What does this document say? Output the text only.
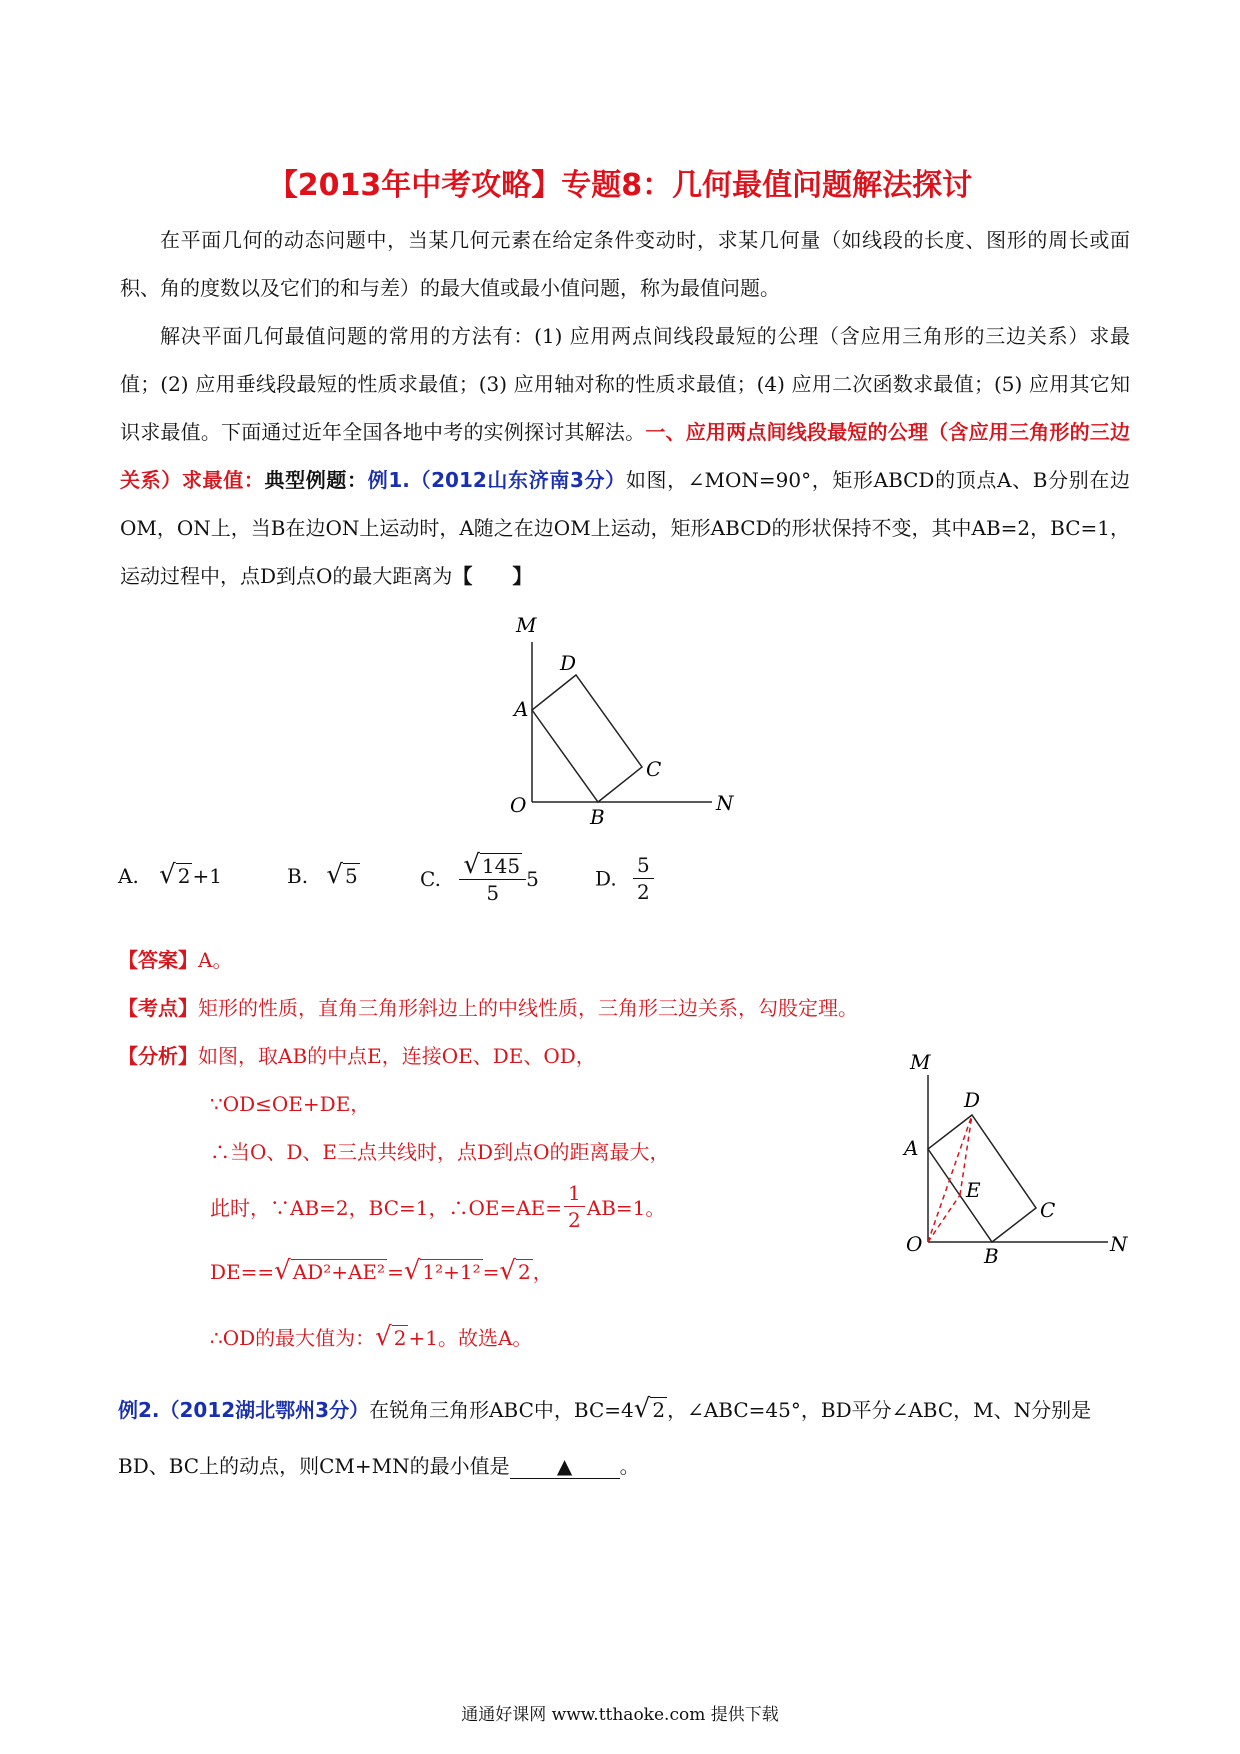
【2013年中考攻略】专题8：几何最值问题解法探讨
在平面几何的动态问题中，当某几何元素在给定条件变动时，求某几何量（如线段的长度、图形的周长或面积、角的度数以及它们的和与差）的最大值或最小值问题，称为最值问题。
解决平面几何最值问题的常用的方法有：(1) 应用两点间线段最短的公理（含应用三角形的三边关系）求最值；(2) 应用垂线段最短的性质求最值；(3) 应用轴对称的性质求最值；(4) 应用二次函数求最值；(5) 应用其它知识求最值。下面通过近年全国各地中考的实例探讨其解法。一、应用两点间线段最短的公理（含应用三角形的三边关系）求最值：典型例题：例1.（2012山东济南3分）如图，∠MON=90°，矩形ABCD的顶点A、B分别在边OM，ON上，当B在边ON上运动时，A随之在边OM上运动，矩形ABCD的形状保持不变，其中AB=2，BC=1，运动过程中，点D到点O的最大距离为【　　】
M
D
A
C
O	B
N
A. √ 2 +1	B. √ 5	C. $\frac{√ 145}{5} 5$	D. $\frac{5}{2}$
【答案】A。
【考点】矩形的性质，直角三角形斜边上的中线性质，三角形三边关系，勾股定理。
【分析】如图，取AB的中点E，连接OE、DE、OD，
∵OD≤OE+DE，
∴当O、D、E三点共线时，点D到点O的距离最大，
此时，∵AB=2，BC=1，∴OE=AE= $\frac{1}{2} AB=1$。
DE==√ AD²+AE² =√ 1²+1² =√ 2 ，
∴OD的最大值为：√ 2 +1。故选A。
M
D
A
E
C
O	B	N
例2.（2012湖北鄂州3分）在锐角三角形ABC中，BC=4√ 2 ，∠ABC=45°，BD平分∠ABC，M、N分别是
BD、BC上的动点，则CM+MN的最小值是 ▲ 。
通通好课网 www.tthaoke.com 提供下载
